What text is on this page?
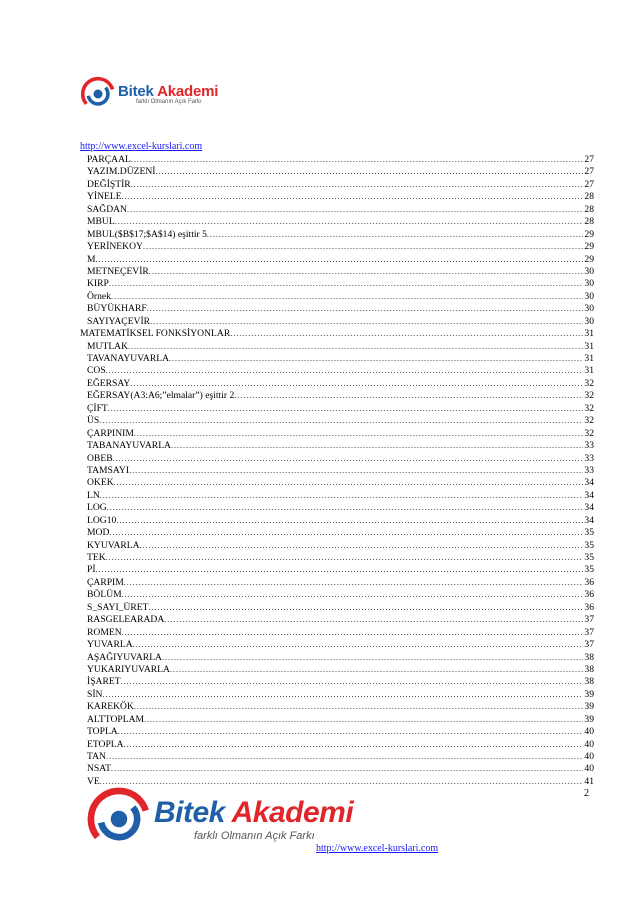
Bitek Akademi
farklı Olmanın Açık Farkı
http://www.excel-kurslari.com
PARÇAAL .....	27
YAZIM.DÜZENİ .....	27
DEĞİŞTİR .....	27
YİNELE .....	28
SAĞDAN .....	28
MBUL .....	28
MBUL($B$17;$A$14) eşittir 5 .....	29
YERİNEKOY .....	29
M .....	29
METNEÇEVİR .....	30
KIRP .....	30
Örnek .....	30
BÜYÜKHARF .....	30
SAYIYAÇEVİR .....	30
MATEMATİKSEL FONKSİYONLAR .....	31
MUTLAK .....	31
TAVANAYUVARLA .....	31
COS .....	31
EĞERSAY .....	32
EĞERSAY(A3:A6;”elmalar”) eşittir 2 .....	32
ÇİFT .....	32
ÜS .....	32
ÇARPINIM .....	32
TABANAYUVARLA .....	33
OBEB .....	33
TAMSAYI .....	33
OKEK .....	34
LN .....	34
LOG .....	34
LOG10 .....	34
MOD .....	35
KYUVARLA .....	35
TEK .....	35
Pİ .....	35
ÇARPIM .....	36
BÖLÜM .....	36
S_SAYI_ÜRET .....	36
RASGELEARADA .....	37
ROMEN .....	37
YUVARLA .....	37
AŞAĞIYUVARLA .....	38
YUKARIYUVARLA .....	38
İŞARET .....	38
SİN .....	39
KAREKÖK .....	39
ALTTOPLAM .....	39
TOPLA .....	40
ETOPLA .....	40
TAN .....	40
NSAT .....	40
VE .....	41
2
Bitek Akademi
farklı Olmanın Açık Farkı
http://www.excel-kurslari.com
